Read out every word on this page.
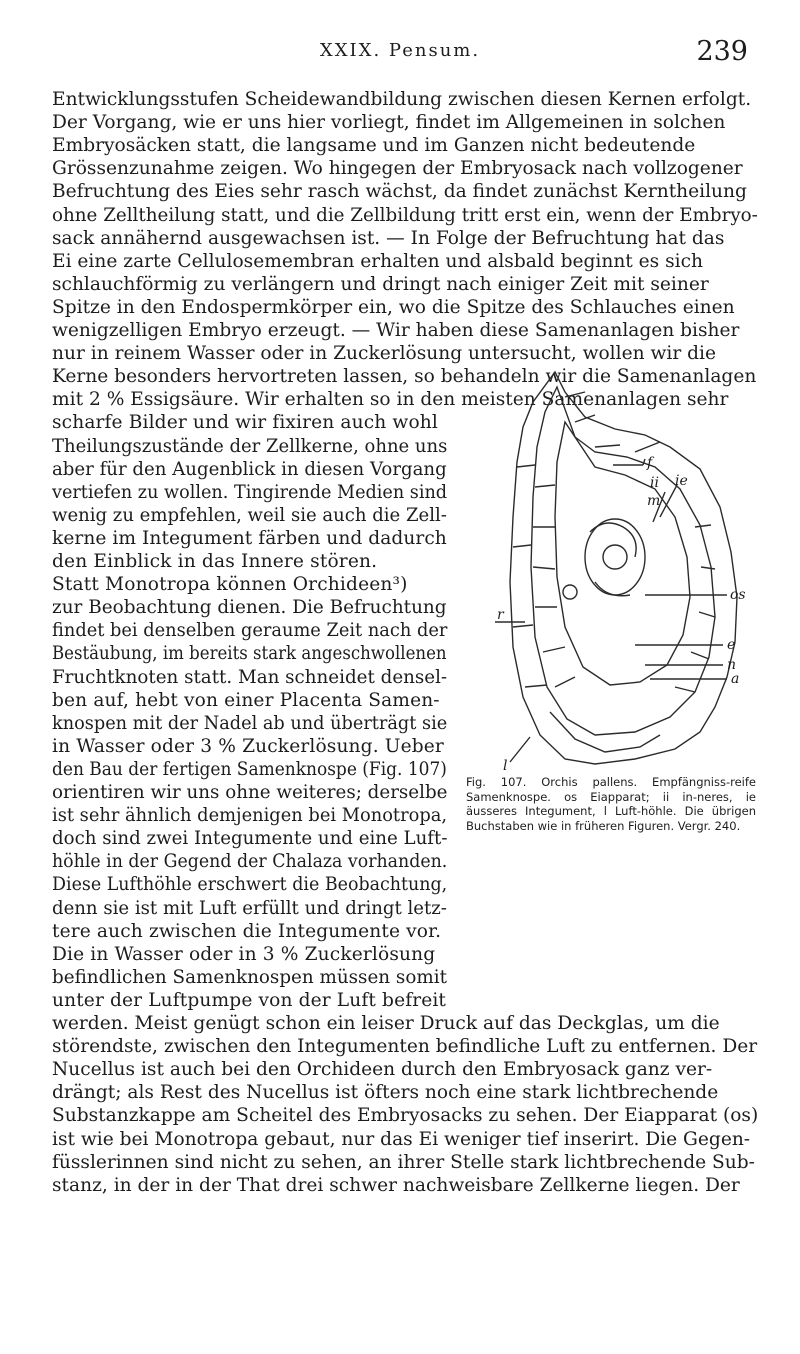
XXIX. Pensum.	239
Entwicklungsstufen Scheidewandbildung zwischen diesen Kernen erfolgt.
Der Vorgang, wie er uns hier vorliegt, findet im Allgemeinen in solchen
Embryosäcken statt, die langsame und im Ganzen nicht bedeutende
Grössenzunahme zeigen. Wo hingegen der Embryosack nach vollzogener
Befruchtung des Eies sehr rasch wächst, da findet zunächst Kerntheilung
ohne Zelltheilung statt, und die Zellbildung tritt erst ein, wenn der Embryo-
sack annähernd ausgewachsen ist. — In Folge der Befruchtung hat das
Ei eine zarte Cellulosemembran erhalten und alsbald beginnt es sich
schlauchförmig zu verlängern und dringt nach einiger Zeit mit seiner
Spitze in den Endospermkörper ein, wo die Spitze des Schlauches einen
wenigzelligen Embryo erzeugt. — Wir haben diese Samenanlagen bisher
nur in reinem Wasser oder in Zuckerlösung untersucht, wollen wir die
Kerne besonders hervortreten lassen, so behandeln wir die Samenanlagen
mit 2 % Essigsäure. Wir erhalten so in den meisten Samenanlagen sehr
scharfe Bilder und wir fixiren auch wohl
Theilungszustände der Zellkerne, ohne uns
aber für den Augenblick in diesen Vorgang
vertiefen zu wollen. Tingirende Medien sind
wenig zu empfehlen, weil sie auch die Zell-
kerne im Integument färben und dadurch
den Einblick in das Innere stören.
Statt Monotropa können Orchideen³)
zur Beobachtung dienen. Die Befruchtung
findet bei denselben geraume Zeit nach der
Bestäubung, im bereits stark angeschwollenen
Fruchtknoten statt. Man schneidet densel-
ben auf, hebt von einer Placenta Samen-
knospen mit der Nadel ab und überträgt sie
in Wasser oder 3 % Zuckerlösung. Ueber
den Bau der fertigen Samenknospe (Fig. 107)
orientiren wir uns ohne weiteres; derselbe
ist sehr ähnlich demjenigen bei Monotropa,
doch sind zwei Integumente und eine Luft-
höhle in der Gegend der Chalaza vorhanden.
Diese Lufthöhle erschwert die Beobachtung,
denn sie ist mit Luft erfüllt und dringt letz-
tere auch zwischen die Integumente vor.
Die in Wasser oder in 3 % Zuckerlösung
befindlichen Samenknospen müssen somit
unter der Luftpumpe von der Luft befreit
werden. Meist genügt schon ein leiser Druck auf das Deckglas, um die
störendste, zwischen den Integumenten befindliche Luft zu entfernen. Der
Nucellus ist auch bei den Orchideen durch den Embryosack ganz ver-
drängt; als Rest des Nucellus ist öfters noch eine stark lichtbrechende
Substanzkappe am Scheitel des Embryosacks zu sehen. Der Eiapparat (os)
ist wie bei Monotropa gebaut, nur das Ei weniger tief inserirt. Die Gegen-
füsslerinnen sind nicht zu sehen, an ihrer Stelle stark lichtbrechende Sub-
stanz, in der in der That drei schwer nachweisbare Zellkerne liegen. Der
f
ii ie
m
os
r
e
n
a
l
Fig. 107. Orchis pallens. Empfängniss-reife Samenknospe. os Eiapparat; ii in-neres, ie äusseres Integument, l Luft-höhle. Die übrigen Buchstaben wie in früheren Figuren. Vergr. 240.
